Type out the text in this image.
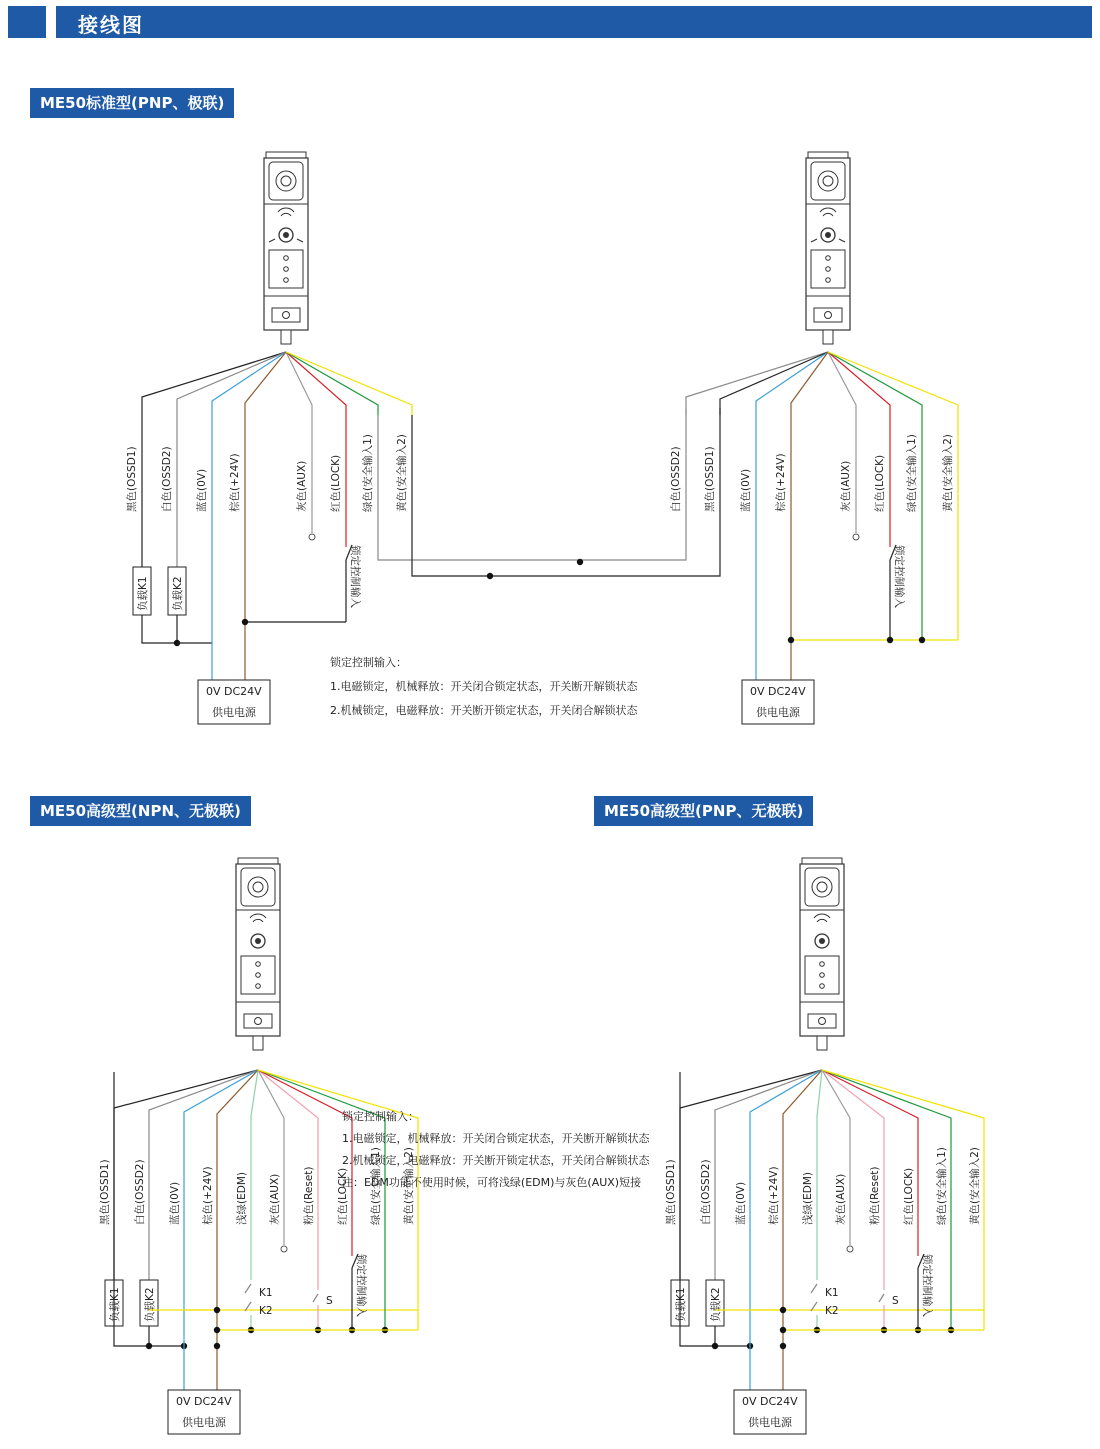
接线图
ME50标准型(PNP、极联)
ME50高级型(NPN、无极联)	ME50高级型(PNP、无极联)
黑色(OSSD1) 白色(OSSD2) 蓝色(0V) 棕色(+24V)	灰色(AUX) 红色(LOCK) 绿色(安全输入1) 黄色(安全输入2)
负载K1 负载K2	锁定控制输入
0V DC24V
供电电源
白色(OSSD2) 黑色(OSSD1) 蓝色(0V) 棕色(+24V)	灰色(AUX) 红色(LOCK) 绿色(安全输入1) 黄色(安全输入2)
锁定控制输入
0V DC24V
供电电源
锁定控制输入：
1.电磁锁定，机械释放：开关闭合锁定状态，开关断开解锁状态
2.机械锁定，电磁释放：开关断开锁定状态，开关闭合解锁状态
黑色(OSSD1) 白色(OSSD2) 蓝色(0V) 棕色(+24V) 浅绿(EDM) 灰色(AUX) 粉色(Reset) 红色(LOCK) 绿色(安全输入1) 黄色(安全输入2)
负载K1 负载K2
黑色(OSSD1) 白色(OSSD2) 蓝色(0V) 棕色(+24V) 浅绿(EDM) 灰色(AUX) 粉色(Reset) 红色(LOCK) 绿色(安全输入1) 黄色(安全输入2)
负载K1 负载K2
K1
K2
S 锁定控制输入
0V DC24V
供电电源
K1
K2
S 锁定控制输入
0V DC24V
供电电源
锁定控制输入：
1.电磁锁定，机械释放：开关闭合锁定状态，开关断开解锁状态
2.机械锁定，电磁释放：开关断开锁定状态，开关闭合解锁状态
注：EDM功能不使用时候，可将浅绿(EDM)与灰色(AUX)短接
